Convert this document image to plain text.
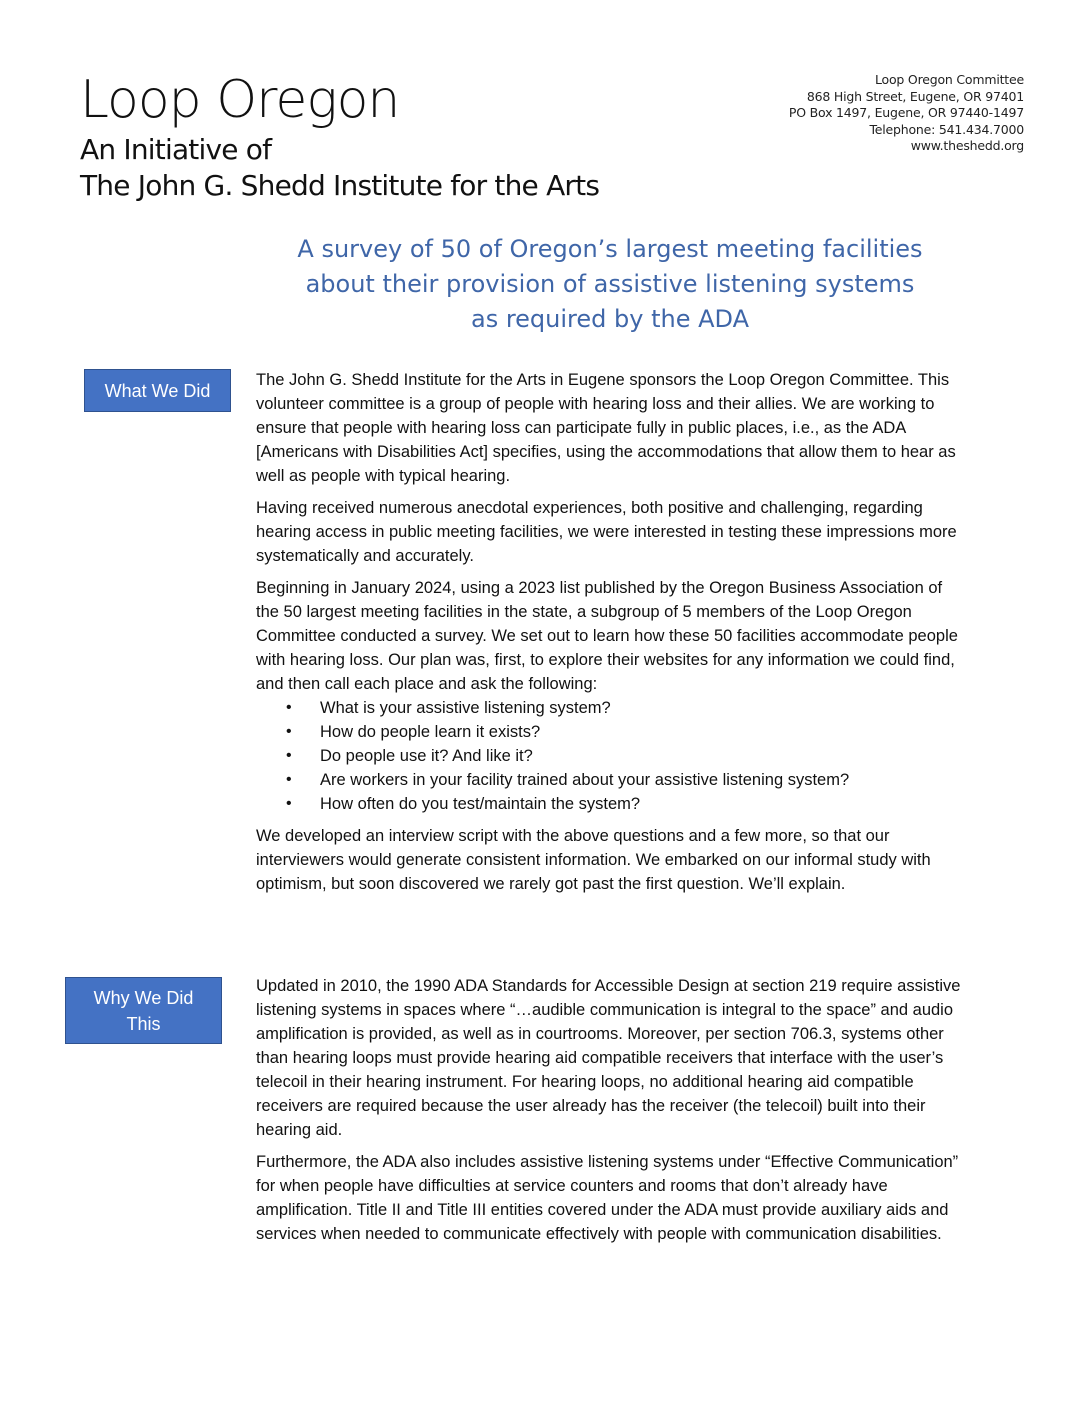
Loop Oregon
An Initiative of
The John G. Shedd Institute for the Arts
Loop Oregon Committee
868 High Street, Eugene, OR 97401
PO Box 1497, Eugene, OR 97440-1497
Telephone: 541.434.7000
www.theshedd.org
A survey of 50 of Oregon’s largest meeting facilities
about their provision of assistive listening systems
as required by the ADA
What We Did

The John G. Shedd Institute for the Arts in Eugene sponsors the Loop Oregon Committee. This volunteer committee is a group of people with hearing loss and their allies. We are working to ensure that people with hearing loss can participate fully in public places, i.e., as the ADA [Americans with Disabilities Act] specifies, using the accommodations that allow them to hear as well as people with typical hearing.

Having received numerous anecdotal experiences, both positive and challenging, regarding hearing access in public meeting facilities, we were interested in testing these impressions more systematically and accurately.

Beginning in January 2024, using a 2023 list published by the Oregon Business Association of the 50 largest meeting facilities in the state, a subgroup of 5 members of the Loop Oregon Committee conducted a survey. We set out to learn how these 50 facilities accommodate people with hearing loss. Our plan was, first, to explore their websites for any information we could find, and then call each place and ask the following:

• What is your assistive listening system?
• How do people learn it exists?
• Do people use it? And like it?
• Are workers in your facility trained about your assistive listening system?
• How often do you test/maintain the system?

We developed an interview script with the above questions and a few more, so that our interviewers would generate consistent information. We embarked on our informal study with optimism, but soon discovered we rarely got past the first question. We’ll explain.

Why We Did
This

Updated in 2010, the 1990 ADA Standards for Accessible Design at section 219 require assistive listening systems in spaces where “…audible communication is integral to the space” and audio amplification is provided, as well as in courtrooms. Moreover, per section 706.3, systems other than hearing loops must provide hearing aid compatible receivers that interface with the user’s telecoil in their hearing instrument. For hearing loops, no additional hearing aid compatible receivers are required because the user already has the receiver (the telecoil) built into their hearing aid.

Furthermore, the ADA also includes assistive listening systems under “Effective Communication” for when people have difficulties at service counters and rooms that don’t already have amplification. Title II and Title III entities covered under the ADA must provide auxiliary aids and services when needed to communicate effectively with people with communication disabilities.
